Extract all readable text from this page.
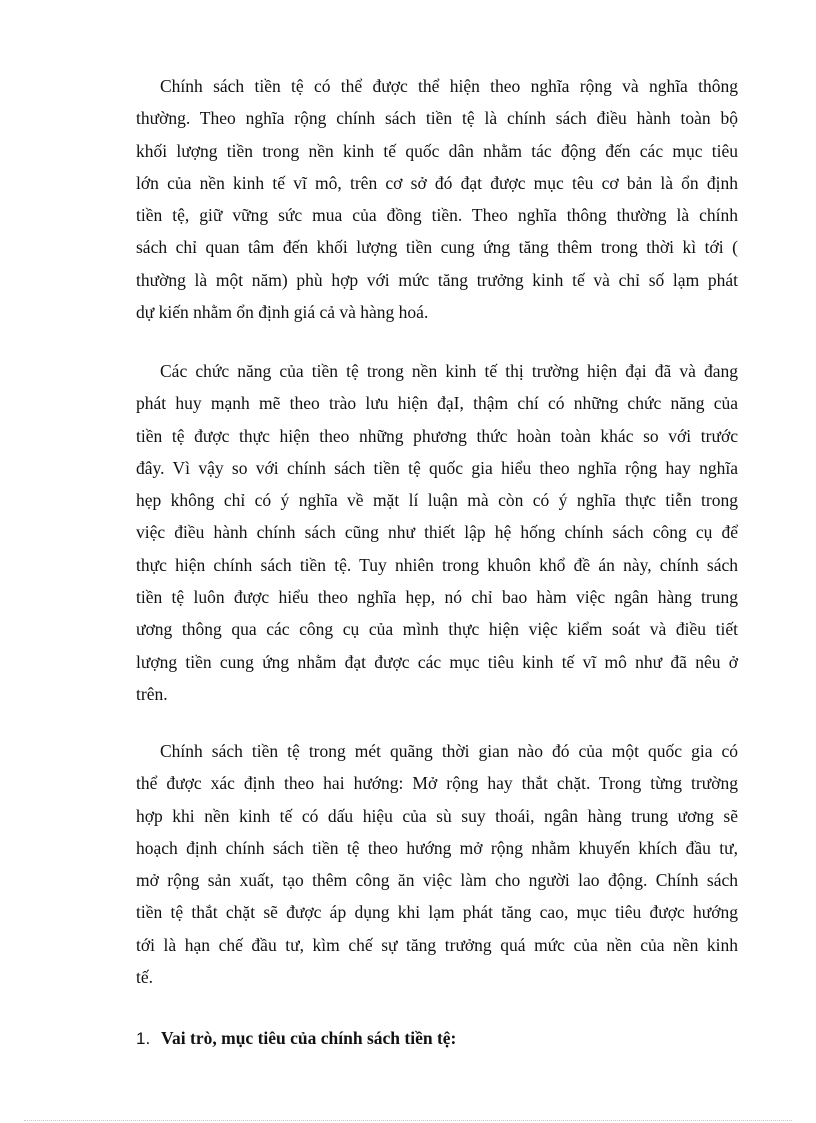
Chính sách tiền tệ có thể được thể hiện theo nghĩa rộng và nghĩa thông
thường. Theo nghĩa rộng chính sách tiền tệ là chính sách điều hành toàn bộ
khối lượng tiền trong nền kinh tế quốc dân nhằm tác động đến các mục tiêu
lớn của nền kinh tế vĩ mô, trên cơ sở đó đạt được mục têu cơ bản là ổn định
tiền tệ, giữ vững sức mua của đồng tiền. Theo nghĩa thông thường là chính
sách chỉ quan tâm đến khối lượng tiền cung ứng tăng thêm trong thời kì tới (
thường là một năm) phù hợp với mức tăng trưởng kinh tế và chỉ số lạm phát
dự kiến nhằm ổn định giá cả và hàng hoá.
Các chức năng của tiền tệ trong nền kinh tế thị trường hiện đại đã và đang
phát huy mạnh mẽ theo trào lưu hiện đạI, thậm chí có những chức năng của
tiền tệ được thực hiện theo những phương thức hoàn toàn khác so với trước
đây. Vì vậy so với chính sách tiền tệ quốc gia hiểu theo nghĩa rộng hay nghĩa
hẹp không chỉ có ý nghĩa về mặt lí luận mà còn có ý nghĩa thực tiễn trong
việc điều hành chính sách cũng như thiết lập hệ hống chính sách công cụ để
thực hiện chính sách tiền tệ. Tuy nhiên trong khuôn khổ đề án này, chính sách
tiền tệ luôn được hiểu theo nghĩa hẹp, nó chỉ bao hàm việc ngân hàng trung
ương thông qua các công cụ của mình thực hiện việc kiểm soát và điều tiết
lượng tiền cung ứng nhằm đạt được các mục tiêu kinh tế vĩ mô như đã nêu ở
trên.
Chính sách tiền tệ trong mét quãng thời gian nào đó của một quốc gia có
thể được xác định theo hai hướng: Mở rộng hay thắt chặt. Trong từng trường
hợp khi nền kinh tế có dấu hiệu của sù suy thoái, ngân hàng trung ương sẽ
hoạch định chính sách tiền tệ theo hướng mở rộng nhằm khuyến khích đầu tư,
mở rộng sản xuất, tạo thêm công ăn việc làm cho người lao động. Chính sách
tiền tệ thắt chặt sẽ được áp dụng khi lạm phát tăng cao, mục tiêu được hướng
tới là hạn chế đầu tư, kìm chế sự tăng trưởng quá mức của nền của nền kinh
tế.
1. Vai trò, mục tiêu của chính sách tiền tệ:
